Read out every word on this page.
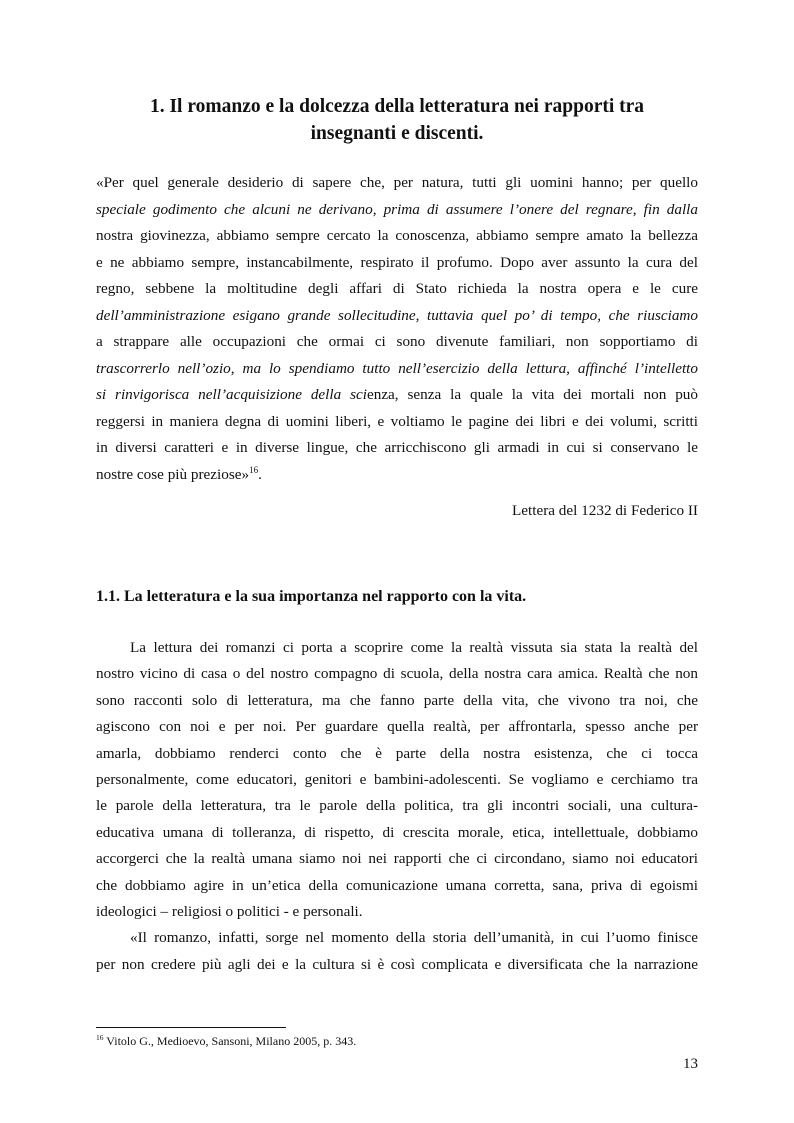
1. Il romanzo e la dolcezza della letteratura nei rapporti tra
insegnanti e discenti.
«Per quel generale desiderio di sapere che, per natura, tutti gli uomini hanno; per quello
speciale godimento che alcuni ne derivano, prima di assumere l’onere del regnare, fin dalla
nostra giovinezza, abbiamo sempre cercato la conoscenza, abbiamo sempre amato la bellezza
e ne abbiamo sempre, instancabilmente, respirato il profumo. Dopo aver assunto la cura del
regno, sebbene la moltitudine degli affari di Stato richieda la nostra opera e le cure
dell’amministrazione esigano grande sollecitudine, tuttavia quel po’ di tempo, che riusciamo
a strappare alle occupazioni che ormai ci sono divenute familiari, non sopportiamo di
trascorrerlo nell’ozio, ma lo spendiamo tutto nell’esercizio della lettura, affinché l’intelletto
si rinvigorisca nell’acquisizione della scienza, senza la quale la vita dei mortali non può
reggersi in maniera degna di uomini liberi, e voltiamo le pagine dei libri e dei volumi, scritti
in diversi caratteri e in diverse lingue, che arricchiscono gli armadi in cui si conservano le
nostre cose più preziose»$^{16}$.
Lettera del 1232 di Federico II
1.1. La letteratura e la sua importanza nel rapporto con la vita.
La lettura dei romanzi ci porta a scoprire come la realtà vissuta sia stata la realtà del
nostro vicino di casa o del nostro compagno di scuola, della nostra cara amica. Realtà che non
sono racconti solo di letteratura, ma che fanno parte della vita, che vivono tra noi, che
agiscono con noi e per noi. Per guardare quella realtà, per affrontarla, spesso anche per
amarla, dobbiamo renderci conto che è parte della nostra esistenza, che ci tocca
personalmente, come educatori, genitori e bambini-adolescenti. Se vogliamo e cerchiamo tra
le parole della letteratura, tra le parole della politica, tra gli incontri sociali, una cultura-
educativa umana di tolleranza, di rispetto, di crescita morale, etica, intellettuale, dobbiamo
accorgerci che la realtà umana siamo noi nei rapporti che ci circondano, siamo noi educatori
che dobbiamo agire in un’etica della comunicazione umana corretta, sana, priva di egoismi
ideologici – religiosi o politici - e personali.
«Il romanzo, infatti, sorge nel momento della storia dell’umanità, in cui l’uomo finisce
per non credere più agli dei e la cultura si è così complicata e diversificata che la narrazione
$^{16}$ Vitolo G., Medioevo, Sansoni, Milano 2005, p. 343.
13
